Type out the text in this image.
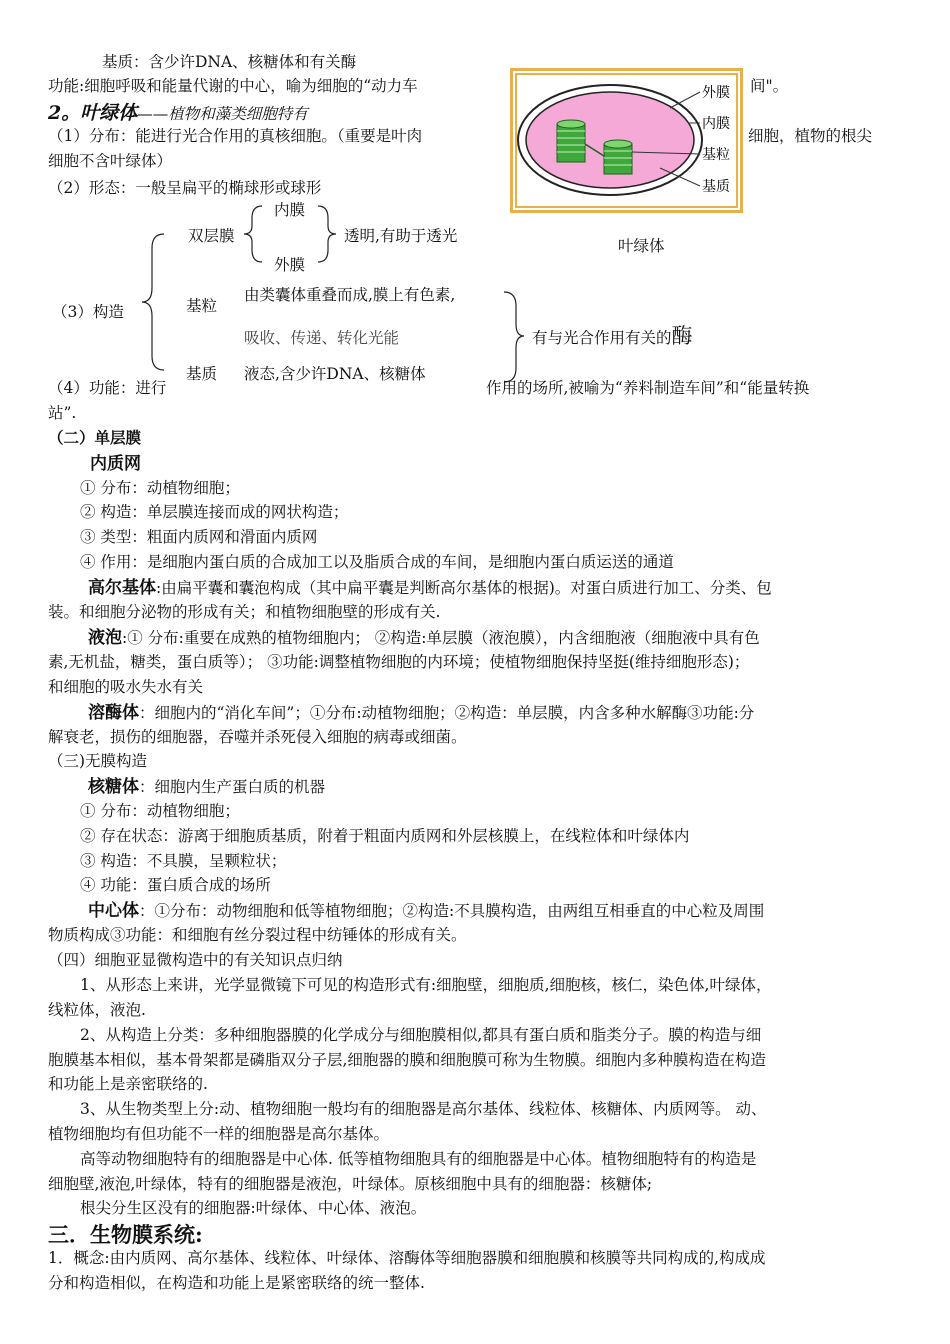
基质：含少许DNA、核糖体和有关酶
功能:细胞呼吸和能量代谢的中心，喻为细胞的“动力车	间"。
2。叶绿体——植物和藻类细胞特有
（1）分布：能进行光合作用的真核细胞。（重要是叶肉	细胞，植物的根尖
细胞不含叶绿体）
（2）形态：一般呈扁平的椭球形或球形
外膜
内膜
基粒
基质
叶绿体
双层膜
内膜
外膜
透明,有助于透光
（3）构造	基粒
由类囊体重叠而成,膜上有色素,
吸收、传递、转化光能
基质 液态,含少许DNA、核糖体
有与光合作用有关的酶
（4）功能：进行	作用的场所,被喻为“养料制造车间”和“能量转换
站”.
（二）单层膜
内质网
① 分布：动植物细胞；
② 构造：单层膜连接而成的网状构造；
③ 类型：粗面内质网和滑面内质网
④ 作用：是细胞内蛋白质的合成加工以及脂质合成的车间，是细胞内蛋白质运送的通道
高尔基体:由扁平囊和囊泡构成（其中扁平囊是判断高尔基体的根据)。对蛋白质进行加工、分类、包
装。和细胞分泌物的形成有关；和植物细胞壁的形成有关.
液泡:① 分布:重要在成熟的植物细胞内； ②构造:单层膜（液泡膜），内含细胞液（细胞液中具有色
素,无机盐，糖类，蛋白质等）； ③功能:调整植物细胞的内环境；使植物细胞保持坚挺(维持细胞形态)；
和细胞的吸水失水有关
溶酶体：细胞内的“消化车间”；①分布:动植物细胞；②构造：单层膜，内含多种水解酶③功能:分
解衰老，损伤的细胞器，吞噬并杀死侵入细胞的病毒或细菌。
（三)无膜构造
核糖体：细胞内生产蛋白质的机器
① 分布：动植物细胞；
② 存在状态：游离于细胞质基质，附着于粗面内质网和外层核膜上，在线粒体和叶绿体内
③ 构造：不具膜，呈颗粒状；
④ 功能：蛋白质合成的场所
中心体：①分布：动物细胞和低等植物细胞；②构造:不具膜构造，由两组互相垂直的中心粒及周围
物质构成③功能：和细胞有丝分裂过程中纺锤体的形成有关。
（四）细胞亚显微构造中的有关知识点归纳
1、从形态上来讲，光学显微镜下可见的构造形式有:细胞壁，细胞质,细胞核，核仁，染色体,叶绿体，
线粒体，液泡.
2、从构造上分类：多种细胞器膜的化学成分与细胞膜相似,都具有蛋白质和脂类分子。膜的构造与细
胞膜基本相似，基本骨架都是磷脂双分子层,细胞器的膜和细胞膜可称为生物膜。细胞内多种膜构造在构造
和功能上是亲密联络的.
3、从生物类型上分:动、植物细胞一般均有的细胞器是高尔基体、线粒体、核糖体、内质网等。 动、
植物细胞均有但功能不一样的细胞器是高尔基体。
高等动物细胞特有的细胞器是中心体. 低等植物细胞具有的细胞器是中心体。植物细胞特有的构造是
细胞壁,液泡,叶绿体，特有的细胞器是液泡，叶绿体。原核细胞中具有的细胞器：核糖体;
根尖分生区没有的细胞器:叶绿体、中心体、液泡。
三．生物膜系统:
1．概念:由内质网、高尔基体、线粒体、叶绿体、溶酶体等细胞器膜和细胞膜和核膜等共同构成的,构成成
分和构造相似，在构造和功能上是紧密联络的统一整体.
